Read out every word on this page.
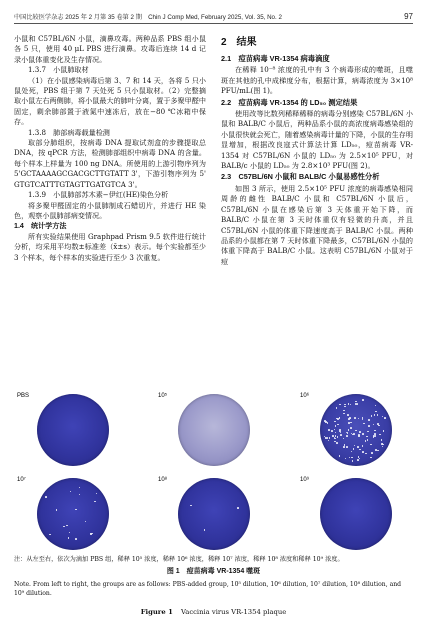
中国比较医学杂志 2025 年 2 月第 35 卷第 2 期　Chin J Comp Med, February 2025, Vol. 35, No. 2	97

小鼠和 C57BL/6N 小鼠，滴鼻攻毒。两种品系 PBS 组小鼠各 5 只，使用 40 μL PBS 进行滴鼻。攻毒后连续 14 d 记录小鼠体重变化及生存情况。

1.3.7　小鼠肺取材

（1）在小鼠感染病毒后第 3、7 和 14 天，各将 5 只小鼠处死，PBS 组于第 7 天处死 5 只小鼠取材。（2）完整摘取小鼠左右两侧肺，将小鼠最大的肺叶分离，置于多聚甲醛中固定，剩余肺部置于液氮中速冻后，放在−80 ℃冰箱中保存。

1.3.8　肺部病毒载量检测

取部分肺组织，按病毒 DNA 提取试剂盒的步骤提取总 DNA，按 qPCR 方法，检测肺部组织中病毒 DNA 的含量。每个样本上样量为 100 ng DNA。所使用的上游引物序列为 5'GCTAAAAGCGACGCTTGTATT 3'，下游引物序列为 5' GTGTCATTTGTAGTTGATGTCA 3'。

1.3.9　小鼠肺部苏木素−伊红(HE)染色分析

将多聚甲醛固定的小鼠肺制成石蜡切片，并进行 HE 染色，观察小鼠肺部病变情况。

1.4　统计学方法

所有实验结果使用 Graphpad Prism 9.5 软件进行统计分析，均采用平均数±标准差（x̄±s）表示。每个实验都至少 3 个样本，每个样本的实验进行至少 3 次重复。

2　结果
2.1　痘苗病毒 VR-1354 病毒滴度

在稀释 10⁻⁸ 浓度的孔中有 3 个病毒形成的噬斑，且噬斑在其他的孔中成梯度分布，根据计算，病毒浓度为 3×10⁸ PFU/mL(图 1)。

2.2　痘苗病毒 VR-1354 的 LD₅₀ 测定结果

使用改等比数列稀释稀释的病毒分别感染 C57BL/6N 小鼠和 BALB/C 小鼠后，两种品系小鼠的高浓度病毒感染组的小鼠很快就会死亡，随着感染病毒计量的下降，小鼠的生存明显增加，根据改良寇式计算法计算 LD₅₀，痘苗病毒 VR-1354 对 C57BL/6N 小鼠的 LD₅₀ 为 2.5×10⁵ PFU，对 BALB/c 小鼠的 LD₅₀ 为 2.8×10³ PFU(图 2)。

2.3　C57BL/6N 小鼠和 BALB/C 小鼠易感性分析

如图 3 所示，使用 2.5×10⁵ PFU 浓度的病毒感染相同周龄的雌性 BALB/C 小鼠和 C57BL/6N 小鼠后，C57BL/6N 小鼠在感染后第 3 天体重开始下降，而 BALB/C 小鼠在第 3 天时体重仅有轻微的升高，并且 C57BL/6N 小鼠的体重下降速度高于 BALB/C 小鼠。两种品系的小鼠都在第 7 天时体重下降最多，C57BL/6N 小鼠的体重下降高于 BALB/C 小鼠。这表明 C57BL/6N 小鼠对于痘

PBS	10⁵	10⁶
10⁷	10⁸	10⁹
注：从左至右，依次为滴加 PBS 组，稀释 10⁵ 浓度，稀释 10⁶ 浓度，稀释 10⁷ 浓度，稀释 10⁸ 浓度和稀释 10⁹ 浓度。
图 1　痘苗病毒 VR-1354 噬斑
Note. From left to right, the groups are as follows: PBS-added group, 10⁵ dilution, 10⁶ dilution, 10⁷ dilution, 10⁸ dilution, and 10⁹ dilution.
Figure 1 Vaccinia virus VR-1354 plaque
